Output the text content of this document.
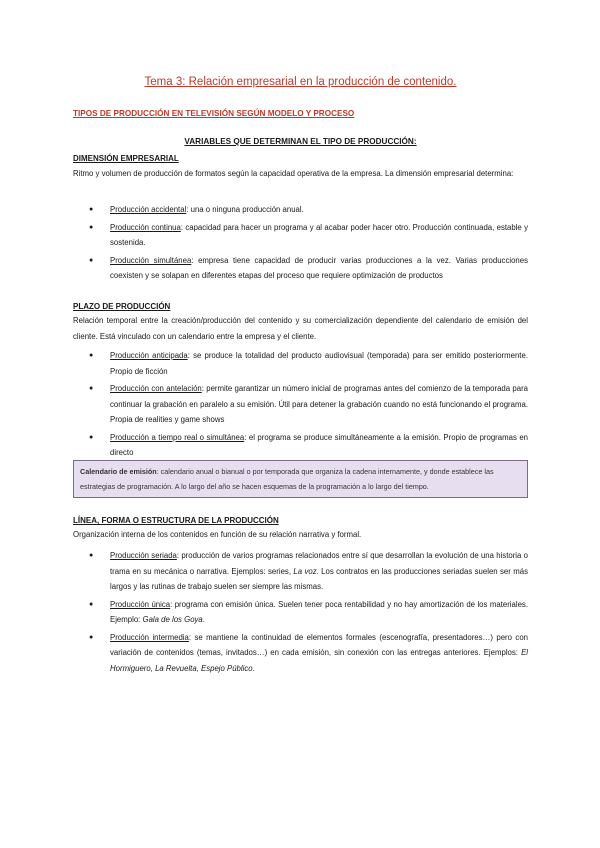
Tema 3: Relación empresarial en la producción de contenido.
TIPOS DE PRODUCCIÓN EN TELEVISIÓN SEGÚN MODELO Y PROCESO
VARIABLES QUE DETERMINAN EL TIPO DE PRODUCCIÓN:
DIMENSIÓN EMPRESARIAL

Ritmo y volumen de producción de formatos según la capacidad operativa de la empresa. La dimensión empresarial determina:

● Producción accidental: una o ninguna producción anual.
● Producción continua: capacidad para hacer un programa y al acabar poder hacer otro. Producción continuada, estable y sostenida.
● Producción simultánea: empresa tiene capacidad de producir varias producciones a la vez. Varias producciones coexisten y se solapan en diferentes etapas del proceso que requiere optimización de productos
PLAZO DE PRODUCCIÓN

Relación temporal entre la creación/producción del contenido y su comercialización dependiente del calendario de emisión del cliente. Está vinculado con un calendario entre la empresa y el cliente.

● Producción anticipada: se produce la totalidad del producto audiovisual (temporada) para ser emitido posteriormente. Propio de ficción
● Producción con antelación: permite garantizar un número inicial de programas antes del comienzo de la temporada para continuar la grabación en paralelo a su emisión. Útil para detener la grabación cuando no está funcionando el programa. Propia de realities y game shows
● Producción a tiempo real o simultánea: el programa se produce simultáneamente a la emisión. Propio de programas en directo
Calendario de emisión: calendario anual o bianual o por temporada que organiza la cadena internamente, y donde establece las estrategias de programación. A lo largo del año se hacen esquemas de la programación a lo largo del tiempo.
LÍNEA, FORMA O ESTRUCTURA DE LA PRODUCCIÓN

Organización interna de los contenidos en función de su relación narrativa y formal.

● Producción seriada: producción de varios programas relacionados entre sí que desarrollan la evolución de una historia o trama en su mecánica o narrativa. Ejemplos: series, La voz. Los contratos en las producciones seriadas suelen ser más largos y las rutinas de trabajo suelen ser siempre las mismas.
● Producción única: programa con emisión única. Suelen tener poca rentabilidad y no hay amortización de los materiales. Ejemplo: Gala de los Goya.
● Producción intermedia: se mantiene la continuidad de elementos formales (escenografía, presentadores…) pero con variación de contenidos (temas, invitados…) en cada emisión, sin conexión con las entregas anteriores. Ejemplos: El Hormiguero, La Revuelta, Espejo Público.
